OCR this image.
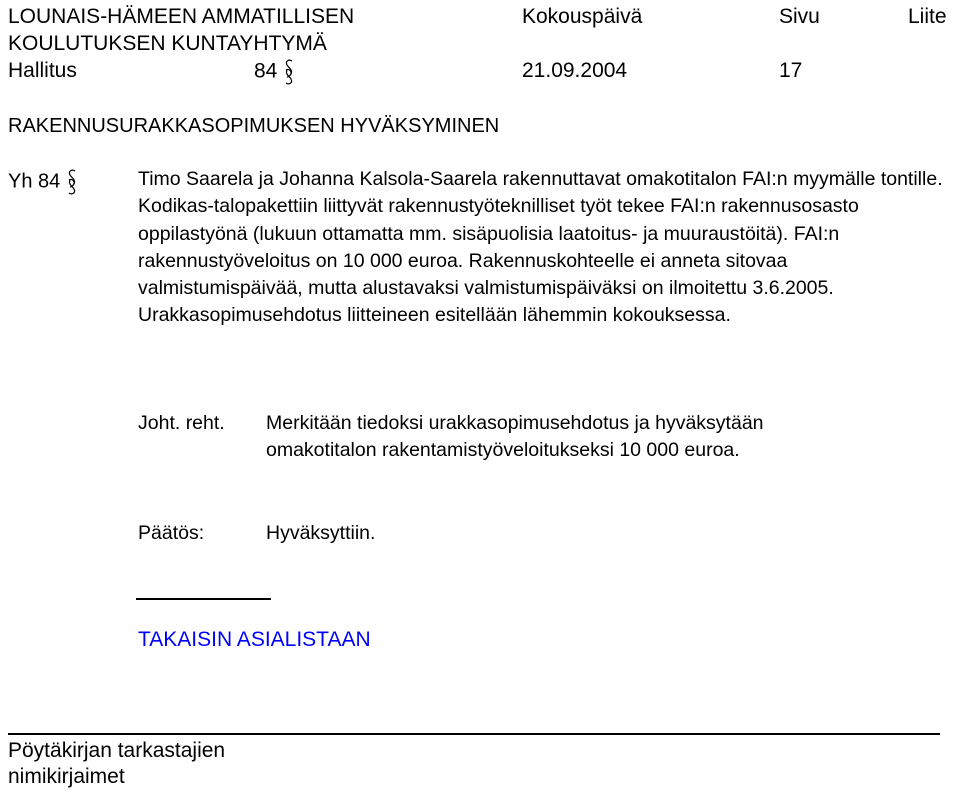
LOUNAIS-HÄMEEN AMMATILLISEN	Kokouspäivä	Sivu	Liite
KOULUTUKSEN KUNTAYHTYMÄ
Hallitus	84	21.09.2004	17
RAKENNUSURAKKASOPIMUKSEN HYVÄKSYMINEN
Yh 84	Timo Saarela ja Johanna Kalsola-Saarela rakennuttavat omakotitalon FAI:n myymälle tontille. Kodikas-talopakettiin liittyvät rakennustyöteknilliset työt tekee FAI:n rakennusosasto oppilastyönä (lukuun ottamatta mm. sisäpuolisia laatoitus- ja muuraustöitä). FAI:n rakennustyöveloitus on 10 000 euroa. Rakennuskohteelle ei anneta sitovaa valmistumispäivää, mutta alustavaksi valmistumispäiväksi on ilmoitettu 3.6.2005. Urakkasopimusehdotus liitteineen esitellään lähemmin kokouksessa.
Joht. reht. Merkitään tiedoksi urakkasopimusehdotus ja hyväksytään
omakotitalon rakentamistyöveloitukseksi 10 000 euroa.
Päätös:	Hyväksyttiin.
TAKAISIN ASIALISTAAN
Pöytäkirjan tarkastajien
nimikirjaimet
